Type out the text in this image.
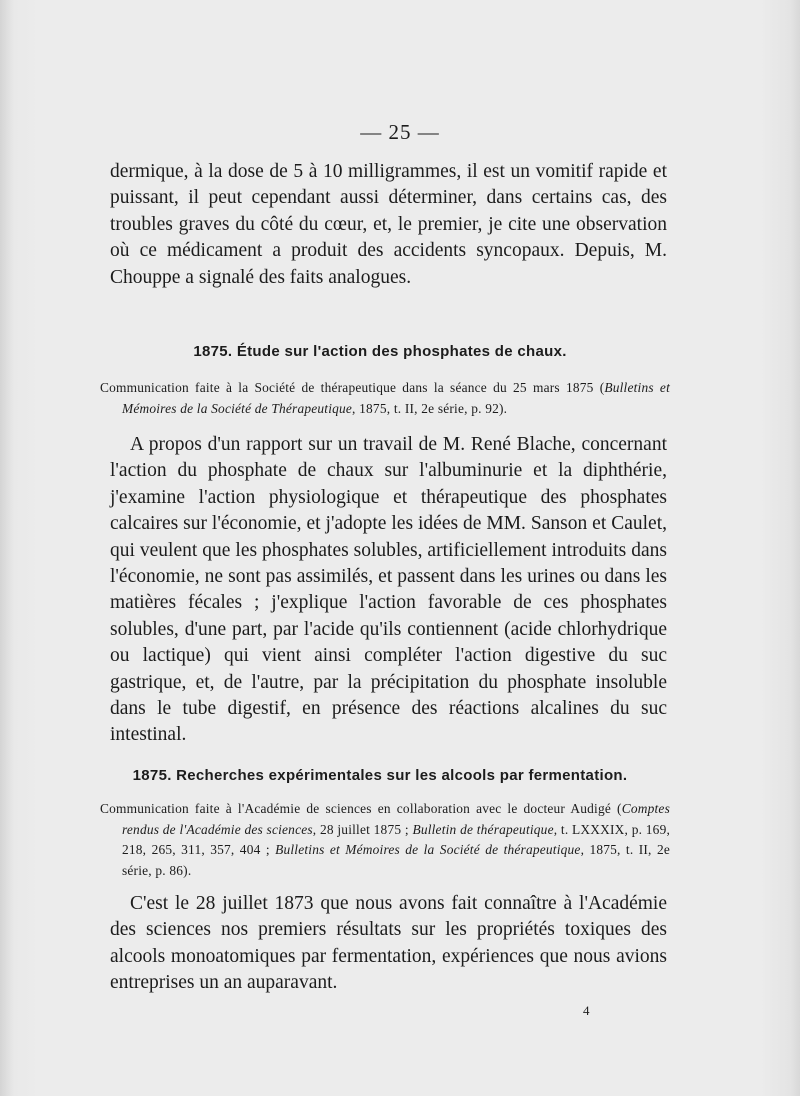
— 25 —

dermique, à la dose de 5 à 10 milligrammes, il est un vomitif rapide et puissant, il peut cependant aussi déterminer, dans certains cas, des troubles graves du côté du cœur, et, le premier, je cite une observation où ce médicament a produit des accidents syncopaux. Depuis, M. Chouppe a signalé des faits analogues.

1875. Étude sur l'action des phosphates de chaux.

Communication faite à la Société de thérapeutique dans la séance du 25 mars 1875 (Bulletins et Mémoires de la Société de Thérapeutique, 1875, t. II, 2e série, p. 92).

A propos d'un rapport sur un travail de M. René Blache, concernant l'action du phosphate de chaux sur l'albuminurie et la diphthérie, j'examine l'action physiologique et thérapeutique des phosphates calcaires sur l'économie, et j'adopte les idées de MM. Sanson et Caulet, qui veulent que les phosphates solubles, artificiellement introduits dans l'économie, ne sont pas assimilés, et passent dans les urines ou dans les matières fécales ; j'explique l'action favorable de ces phosphates solubles, d'une part, par l'acide qu'ils contiennent (acide chlorhydrique ou lactique) qui vient ainsi compléter l'action digestive du suc gastrique, et, de l'autre, par la précipitation du phosphate insoluble dans le tube digestif, en présence des réactions alcalines du suc intestinal.

1875. Recherches expérimentales sur les alcools par fermentation.

Communication faite à l'Académie de sciences en collaboration avec le docteur Audigé (Comptes rendus de l'Académie des sciences, 28 juillet 1875 ; Bulletin de thérapeutique, t. LXXXIX, p. 169, 218, 265, 311, 357, 404 ; Bulletins et Mémoires de la Société de thérapeutique, 1875, t. II, 2e série, p. 86).

C'est le 28 juillet 1873 que nous avons fait connaître à l'Académie des sciences nos premiers résultats sur les propriétés toxiques des alcools monoatomiques par fermentation, expériences que nous avions entreprises un an auparavant.

4
